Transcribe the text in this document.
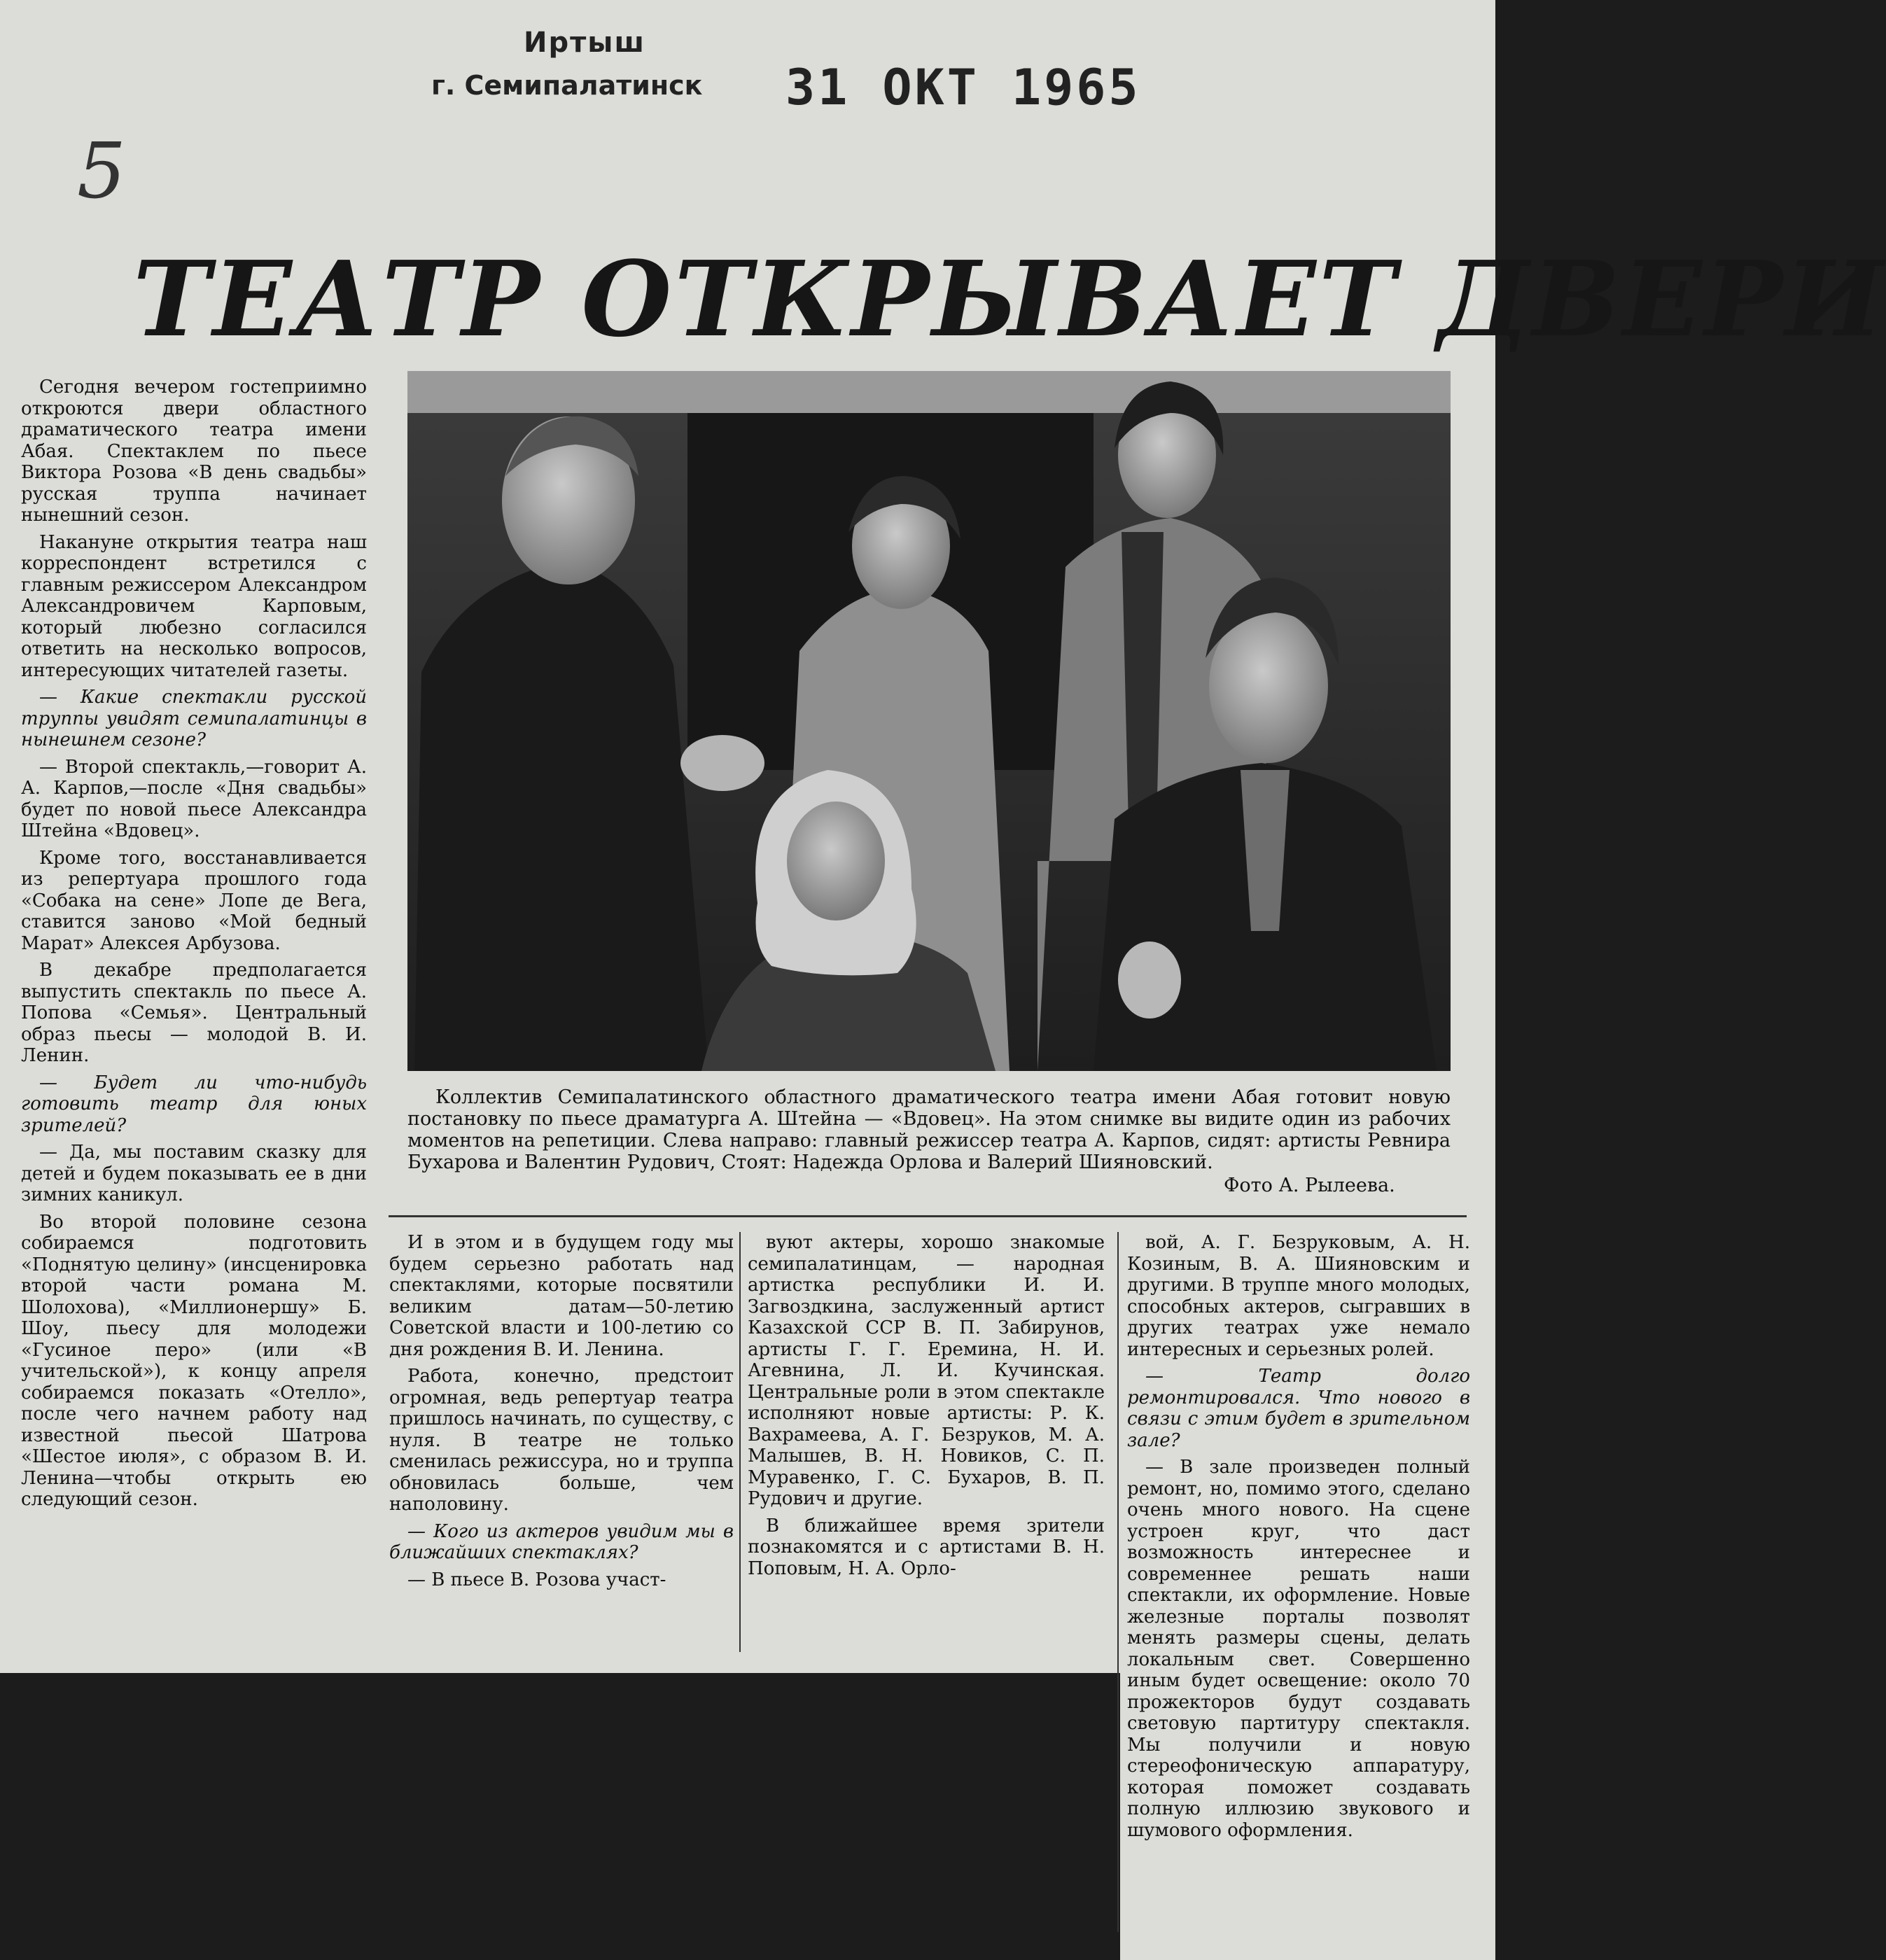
Иртыш
г. Семипалатинск 31 ОКТ 1965
5
ТЕАТР ОТКРЫВАЕТ ДВЕРИ
Коллектив Семипалатинского областного драматического театра имени Абая готовит новую постановку по пьесе драматурга А. Штейна — «Вдовец». На этом снимке вы видите один из рабочих моментов на репетиции. Слева направо: главный режиссер театра А. Карпов, сидят: артисты Ревнира Бухарова и Валентин Рудович, Стоят: Надежда Орлова и Валерий Шияновский.
Фото А. Рылеева.

Сегодня вечером гостеприимно откроются двери областного драматического театра имени Абая. Спектаклем по пьесе Виктора Розова «В день свадьбы» русская труппа начинает нынешний сезон.

Накануне открытия театра наш корреспондент встретился с главным режиссером Александром Александровичем Карповым, который любезно согласился ответить на несколько вопросов, интересующих читателей газеты.

— Какие спектакли русской труппы увидят семипалатинцы в нынешнем сезоне?

— Второй спектакль,—говорит А. А. Карпов,—после «Дня свадьбы» будет по новой пьесе Александра Штейна «Вдовец».

Кроме того, восстанавливается из репертуара прошлого года «Собака на сене» Лопе де Вега, ставится заново «Мой бедный Марат» Алексея Арбузова.

В декабре предполагается выпустить спектакль по пьесе А. Попова «Семья». Центральный образ пьесы — молодой В. И. Ленин.

— Будет ли что-нибудь готовить театр для юных зрителей?

— Да, мы поставим сказку для детей и будем показывать ее в дни зимних каникул.

Во второй половине сезона собираемся подготовить «Поднятую целину» (инсценировка второй части романа М. Шолохова), «Миллионершу» Б. Шоу, пьесу для молодежи «Гусиное перо» (или «В учительской»), к концу апреля собираемся показать «Отелло», после чего начнем работу над известной пьесой Шатрова «Шестое июля», с образом В. И. Ленина—чтобы открыть ею следующий сезон.

И в этом и в будущем году мы будем серьезно работать над спектаклями, которые посвятили великим датам—50-летию Советской власти и 100-летию со дня рождения В. И. Ленина.

Работа, конечно, предстоит огромная, ведь репертуар театра пришлось начинать, по существу, с нуля. В театре не только сменилась режиссура, но и труппа обновилась больше, чем наполовину.

— Кого из актеров увидим мы в ближайших спектаклях?

— В пьесе В. Розова участ-

вуют актеры, хорошо знакомые семипалатинцам, — народная артистка республики И. И. Загвоздкина, заслуженный артист Казахской ССР В. П. Забирунов, артисты Г. Г. Еремина, Н. И. Агевнина, Л. И. Кучинская. Центральные роли в этом спектакле исполняют новые артисты: Р. К. Вахрамеева, А. Г. Безруков, М. А. Малышев, В. Н. Новиков, С. П. Муравенко, Г. С. Бухаров, В. П. Рудович и другие.

В ближайшее время зрители познакомятся и с артистами В. Н. Поповым, Н. А. Орло-

вой, А. Г. Безруковым, А. Н. Козиным, В. А. Шияновским и другими. В труппе много молодых, способных актеров, сыгравших в других театрах уже немало интересных и серьезных ролей.

— Театр долго ремонтировался. Что нового в связи с этим будет в зрительном зале?

— В зале произведен полный ремонт, но, помимо этого, сделано очень много нового. На сцене устроен круг, что даст возможность интереснее и современнее решать наши спектакли, их оформление. Новые железные порталы позволят менять размеры сцены, делать локальным свет. Совершенно иным будет освещение: около 70 прожекторов будут создавать световую партитуру спектакля. Мы получили и новую стереофоническую аппаратуру, которая поможет создавать полную иллюзию звукового и шумового оформления.
